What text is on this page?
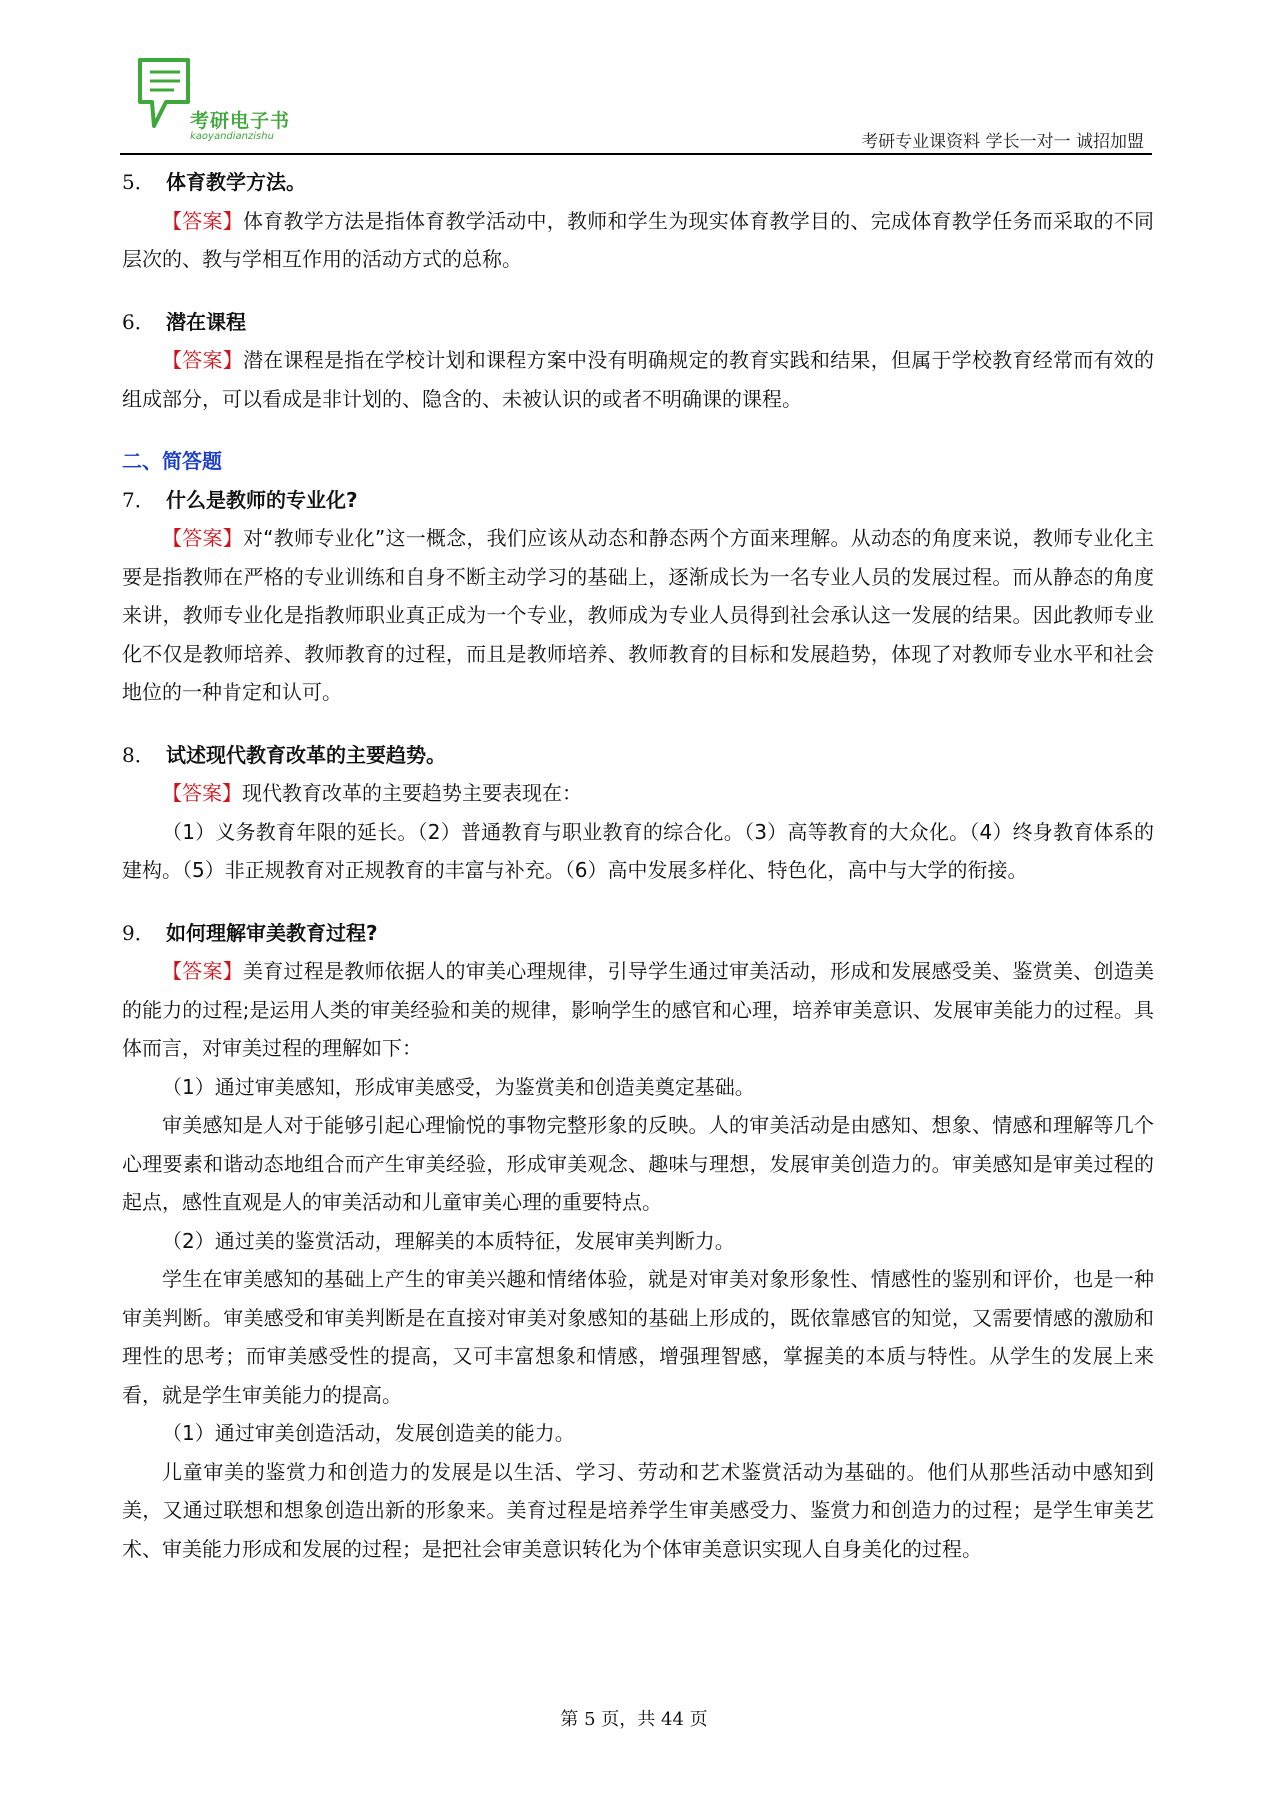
考研电子书
kaoyandianzishu	考研专业课资料 学长一对一 诚招加盟

5． 体育教学方法。

【答案】体育教学方法是指体育教学活动中，教师和学生为现实体育教学目的、完成体育教学任务而采取的不同层次的、教与学相互作用的活动方式的总称。

6． 潜在课程

【答案】潜在课程是指在学校计划和课程方案中没有明确规定的教育实践和结果，但属于学校教育经常而有效的组成部分，可以看成是非计划的、隐含的、未被认识的或者不明确课的课程。

二、简答题

7． 什么是教师的专业化?

【答案】对“教师专业化”这一概念，我们应该从动态和静态两个方面来理解。从动态的角度来说，教师专业化主要是指教师在严格的专业训练和自身不断主动学习的基础上，逐渐成长为一名专业人员的发展过程。而从静态的角度来讲，教师专业化是指教师职业真正成为一个专业，教师成为专业人员得到社会承认这一发展的结果。因此教师专业化不仅是教师培养、教师教育的过程，而且是教师培养、教师教育的目标和发展趋势，体现了对教师专业水平和社会地位的一种肯定和认可。

8． 试述现代教育改革的主要趋势。

【答案】现代教育改革的主要趋势主要表现在：

（1）义务教育年限的延长。（2）普通教育与职业教育的综合化。（3）高等教育的大众化。（4）终身教育体系的建构。（5）非正规教育对正规教育的丰富与补充。（6）高中发展多样化、特色化，高中与大学的衔接。

9． 如何理解审美教育过程?

【答案】美育过程是教师依据人的审美心理规律，引导学生通过审美活动，形成和发展感受美、鉴赏美、创造美的能力的过程;是运用人类的审美经验和美的规律，影响学生的感官和心理，培养审美意识、发展审美能力的过程。具体而言，对审美过程的理解如下：

（1）通过审美感知，形成审美感受，为鉴赏美和创造美奠定基础。

审美感知是人对于能够引起心理愉悦的事物完整形象的反映。人的审美活动是由感知、想象、情感和理解等几个心理要素和谐动态地组合而产生审美经验，形成审美观念、趣味与理想，发展审美创造力的。审美感知是审美过程的起点，感性直观是人的审美活动和儿童审美心理的重要特点。

（2）通过美的鉴赏活动，理解美的本质特征，发展审美判断力。

学生在审美感知的基础上产生的审美兴趣和情绪体验，就是对审美对象形象性、情感性的鉴别和评价，也是一种审美判断。审美感受和审美判断是在直接对审美对象感知的基础上形成的，既依靠感官的知觉，又需要情感的激励和理性的思考；而审美感受性的提高，又可丰富想象和情感，增强理智感，掌握美的本质与特性。从学生的发展上来看，就是学生审美能力的提高。

（1）通过审美创造活动，发展创造美的能力。

儿童审美的鉴赏力和创造力的发展是以生活、学习、劳动和艺术鉴赏活动为基础的。他们从那些活动中感知到美，又通过联想和想象创造出新的形象来。美育过程是培养学生审美感受力、鉴赏力和创造力的过程；是学生审美艺术、审美能力形成和发展的过程；是把社会审美意识转化为个体审美意识实现人自身美化的过程。

第 5 页，共 44 页
